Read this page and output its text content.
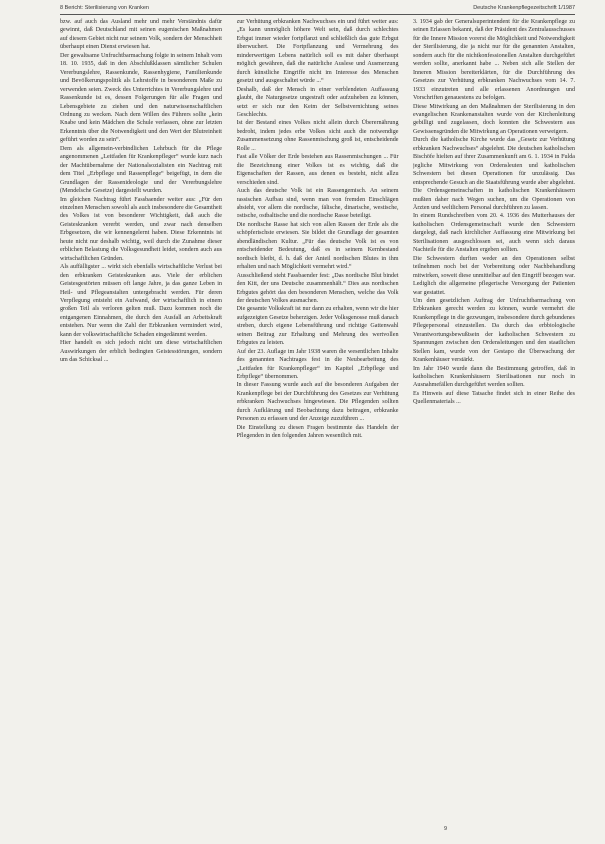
8 Bericht: Sterilisierung von Kranken	Deutsche Krankenpflegezeitschrift 1/1987

bzw. auf auch das Ausland mehr und mehr Verständnis dafür gewinnt, daß Deutschland mit seinen eugenischen Maßnahmen auf diesem Gebiet nicht nur seinem Volk, sondern der Menschheit überhaupt einen Dienst erwiesen hat.

Der gewaltsame Unfruchtbarmachung folgte in seinem Inhalt vom 18. 10. 1935, daß in den Abschlußklassen sämtlicher Schulen Vererbungslehre, Rassenkunde, Rassenhygiene, Familienkunde und Bevölkerungspolitik als Lehrstoffe in besonderem Maße zu verwenden seien. Zweck des Unterrichtes in Vererbungslehre und Rassenkunde ist es, dessen Folgerungen für alle Fragen und Lebensgebiete zu ziehen und den naturwissenschaftlichen Ordnung zu wecken. Nach dem Willen des Führers sollte „kein Knabe und kein Mädchen die Schule verlassen, ohne zur letzten Erkenntnis über die Notwendigkeit und den Wert der Blutreinheit geführt worden zu sein“.

Dem als allgemein-verbindlichen Lehrbuch für die Pflege angenommenen „Leitfaden für Krankenpfleger“ wurde kurz nach der Machtübernahme der Nationalsozialisten ein Nachtrag mit dem Titel „Erbpflege und Rassenpflege“ beigefügt, in dem die Grundlagen der Rassenideologie und der Vererbungslehre (Mendelsche Gesetze) dargestellt wurden.

Im gleichen Nachtrag führt Fassbaender weiter aus: „Für den einzelnen Menschen sowohl als auch insbesondere die Gesamtheit des Volkes ist von besonderer Wichtigkeit, daß auch die Geisteskranken vererbt werden, und zwar nach denselben Erbgesetzen, die wir kennengelernt haben. Diese Erkenntnis ist heute nicht nur deshalb wichtig, weil durch die Zunahme dieser erblichen Belastung die Volksgesundheit leidet, sondern auch aus wirtschaftlichen Gründen.

Als auffälligster ... wirkt sich ebenfalls wirtschaftliche Verlust bei den erbkranken Geisteskranken aus. Viele der erblichen Geistesgestörten müssen oft lange Jahre, ja das ganze Leben in Heil- und Pflegeanstalten untergebracht werden. Für deren Verpflegung entsteht ein Aufwand, der wirtschaftlich in einem großen Teil als verloren gelten muß. Dazu kommen noch die entgangenen Einnahmen, die durch den Ausfall an Arbeitskraft entstehen. Nur wenn die Zahl der Erbkranken vermindert wird, kann der volkswirtschaftliche Schaden eingedämmt werden.

Hier handelt es sich jedoch nicht um diese wirtschaftlichen Auswirkungen der erblich bedingten Geistesstörungen, sondern um das Schicksal ...

zur Verhütung erbkranken Nachwuchses ein und führt weiter aus: „Es kann unmöglich höhere Welt sein, daß durch schlechtes Erbgut immer wieder fortpflanzt und schließlich das gute Erbgut überwuchert. Die Fortpflanzung und Vermehrung des minderwertigen Lebens natürlich soll es mit daher überhaupt möglich gewähren, daß die natürliche Auslese und Ausmerzung durch künstliche Eingriffe nicht im Interesse des Menschen gesetzt und ausgeschaltet würde ...“

Deshalb, daß der Mensch in einer verblendeten Auffassung glaubt, die Naturgesetze ungestraft oder aufzuheben zu können, setzt er sich nur den Keim der Selbstvernichtung seines Geschlechts.

Ist der Bestand eines Volkes nicht allein durch Überernährung bedroht, indem jedes erbe Volkes sicht auch die notwendige Zusammensetzung ohne Rassenmischung groß ist, entscheidende Rolle ...

Fast alle Völker der Erde bestehen aus Rassenmischungen ... Für die Bezeichnung einer Volkes ist es wichtig, daß die Eigenschaften der Rassen, aus denen es besteht, nicht allzu verschieden sind.

Auch das deutsche Volk ist ein Rassengemisch. An seinem rassischen Aufbau sind, wenn man von fremden Einschlägen absieht, vor allem die nordische, fälische, dinarische, westische, ostische, ostbaltische und die nordische Rasse beteiligt.

Die nordische Rasse hat sich von allen Rassen der Erde als die schöpferischste erwiesen. Sie bildet die Grundlage der gesamten abendländischen Kultur. „Für das deutsche Volk ist es von entscheidender Bedeutung, daß es in seinem Kernbestand nordisch bleibt, d. h. daß der Anteil nordischen Blutes in ihm erhalten und nach Möglichkeit vermehrt wird.“

Ausschließend steht Fassbaender fest: „Das nordische Blut bindet den Kitt, der uns Deutsche zusammenhält.“ Dies aus nordischen Erbgutes gehört das den besonderen Menschen, welche das Volk der deutschen Volkes ausmachen.

Die gesamte Volkskraft ist nur dann zu erhalten, wenn wir die hier aufgezeigten Gesetze beherzigen. Jeder Volksgenosse muß danach streben, durch eigene Lebensführung und richtige Gattenwahl seinen Beitrag zur Erhaltung und Mehrung des wertvollen Erbgutes zu leisten.

Auf der 23. Auflage im Jahr 1938 waren die wesentlichen Inhalte des genannten Nachtrages fest in die Neubearbeitung des „Leitfaden für Krankenpfleger“ im Kapitel „Erbpflege und Erbpflege“ übernommen.

In dieser Fassung wurde auch auf die besonderen Aufgaben der Krankenpflege bei der Durchführung des Gesetzes zur Verhütung erbkranken Nachwuchses hingewiesen. Die Pflegenden sollten durch Aufklärung und Beobachtung dazu beitragen, erbkranke Personen zu erfassen und der Anzeige zuzuführen ...

Die Einstellung zu diesen Fragen bestimmte das Handeln der Pflegenden in den folgenden Jahren wesentlich mit.

3. 1934 gab der Generalsuperintendent für die Krankenpflege zu seinen Erlassen bekannt, daß der Präsident des Zentralausschusses für die Innere Mission vorerst die Möglichkeit und Notwendigkeit der Sterilisierung, die ja nicht nur für die genannten Anstalten, sondern auch für die nichtkonfessionellen Anstalten durchgeführt werden sollte, anerkannt habe ... Neben sich alle Stellen der Inneren Mission bereiterklärten, für die Durchführung des Gesetzes zur Verhütung erbkranken Nachwuchses vom 14. 7. 1933 einzutreten und alle erlassenen Anordnungen und Vorschriften genauestens zu befolgen.

Diese Mitwirkung an den Maßnahmen der Sterilisierung in den evangelischen Krankenanstalten wurde von der Kirchenleitung gebilligt und zugelassen, doch konnten die Schwestern aus Gewissensgründen die Mitwirkung an Operationen verweigern.

Durch die katholische Kirche wurde das „Gesetz zur Verhütung erbkranken Nachwuchses“ abgelehnt. Die deutschen katholischen Bischöfe hielten auf ihrer Zusammenkunft am 6. 1. 1934 in Fulda jegliche Mitwirkung von Ordensleuten und katholischen Schwestern bei diesen Operationen für unzulässig. Das entsprechende Gesuch an die Staatsführung wurde aber abgelehnt. Die Ordensgemeinschaften in katholischen Krankenhäusern mußten daher nach Wegen suchen, um die Operationen von Ärzten und weltlichem Personal durchführen zu lassen.

In einem Rundschreiben vom 20. 4. 1936 des Mutterhauses der katholischen Ordensgemeinschaft wurde den Schwestern dargelegt, daß nach kirchlicher Auffassung eine Mitwirkung bei Sterilisationen ausgeschlossen sei, auch wenn sich daraus Nachteile für die Anstalten ergeben sollten.

Die Schwestern durften weder an den Operationen selbst teilnehmen noch bei der Vorbereitung oder Nachbehandlung mitwirken, soweit diese unmittelbar auf den Eingriff bezogen war. Lediglich die allgemeine pflegerische Versorgung der Patienten war gestattet.

Um den gesetzlichen Auftrag der Unfruchtbarmachung von Erbkranken gerecht werden zu können, wurde vermehrt die Krankenpflege in die gezwungen, insbesondere durch gebundenes Pflegepersonal einzustellen. Da durch das erbbiologische Verantwortungsbewußtsein der katholischen Schwestern zu Spannungen zwischen den Ordensleitungen und den staatlichen Stellen kam, wurde von der Gestapo die Überwachung der Krankenhäuser verstärkt.

Im Jahr 1940 wurde dann die Bestimmung getroffen, daß in katholischen Krankenhäusern Sterilisationen nur noch in Ausnahmefällen durchgeführt werden sollten.

Es Hinweis auf diese Tatsache findet sich in einer Reihe des Quellenmaterials ...

9
